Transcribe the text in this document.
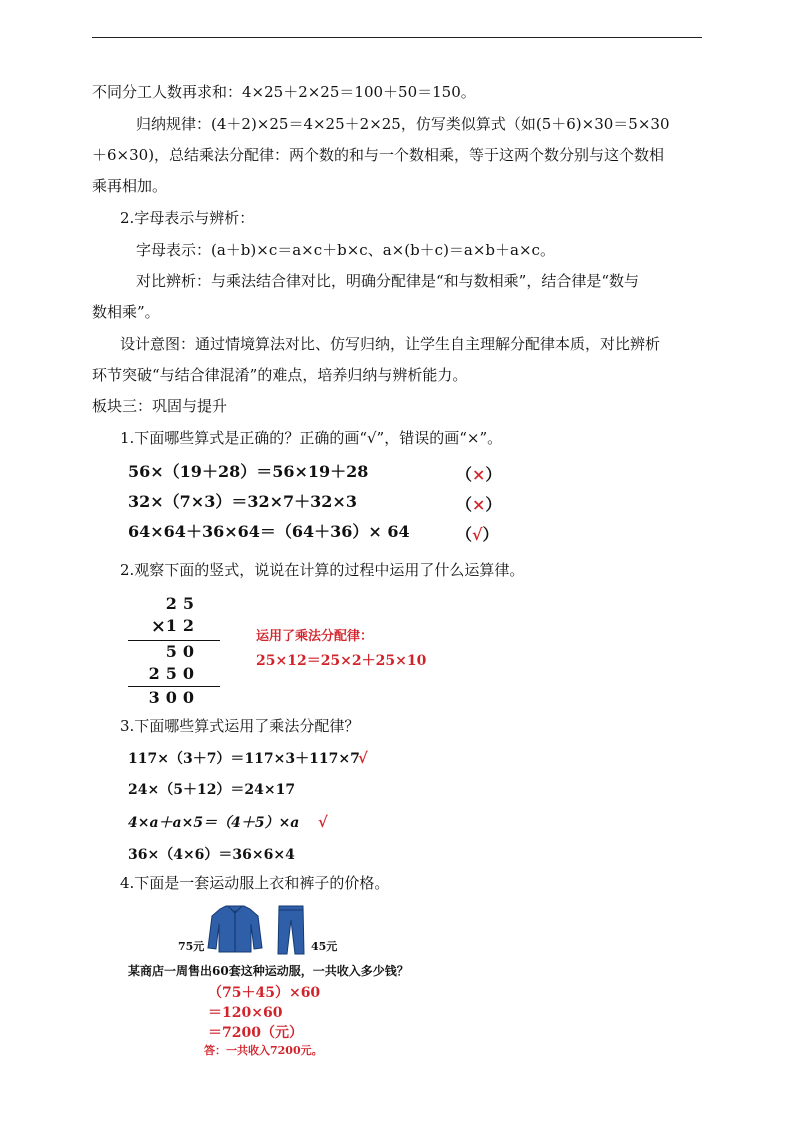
不同分工人数再求和：4×25＋2×25＝100＋50＝150。
归纳规律：(4＋2)×25＝4×25＋2×25，仿写类似算式（如(5＋6)×30＝5×30
＋6×30)，总结乘法分配律：两个数的和与一个数相乘，等于这两个数分别与这个数相
乘再相加。
2.字母表示与辨析：
字母表示：(a＋b)×c＝a×c＋b×c、a×(b＋c)＝a×b＋a×c。
对比辨析：与乘法结合律对比，明确分配律是“和与数相乘”，结合律是“数与
数相乘”。
设计意图：通过情境算法对比、仿写归纳，让学生自主理解分配律本质，对比辨析
环节突破“与结合律混淆”的难点，培养归纳与辨析能力。
板块三：巩固与提升
1.下面哪些算式是正确的？正确的画“√”，错误的画“×”。
56×（19＋28）＝56×19＋28	（×）
32×（7×3）＝32×7＋32×3	（×）
64×64＋36×64＝（64＋36）× 64	（√）
2.观察下面的竖式，说说在计算的过程中运用了什么运算律。
25
× 12
50
250
300
运用了乘法分配律：
25×12＝25×2＋25×10
3.下面哪些算式运用了乘法分配律？
117×（3＋7）＝117×3＋117×7
√
24×（5＋12）＝24×17
4×a＋a×5＝（4＋5）×a √
36×（4×6）＝36×6×4
4.下面是一套运动服上衣和裤子的价格。
75元	45元
某商店一周售出60套这种运动服，一共收入多少钱？
（75＋45）×60
＝120×60
＝7200（元）
答：一共收入7200元。
